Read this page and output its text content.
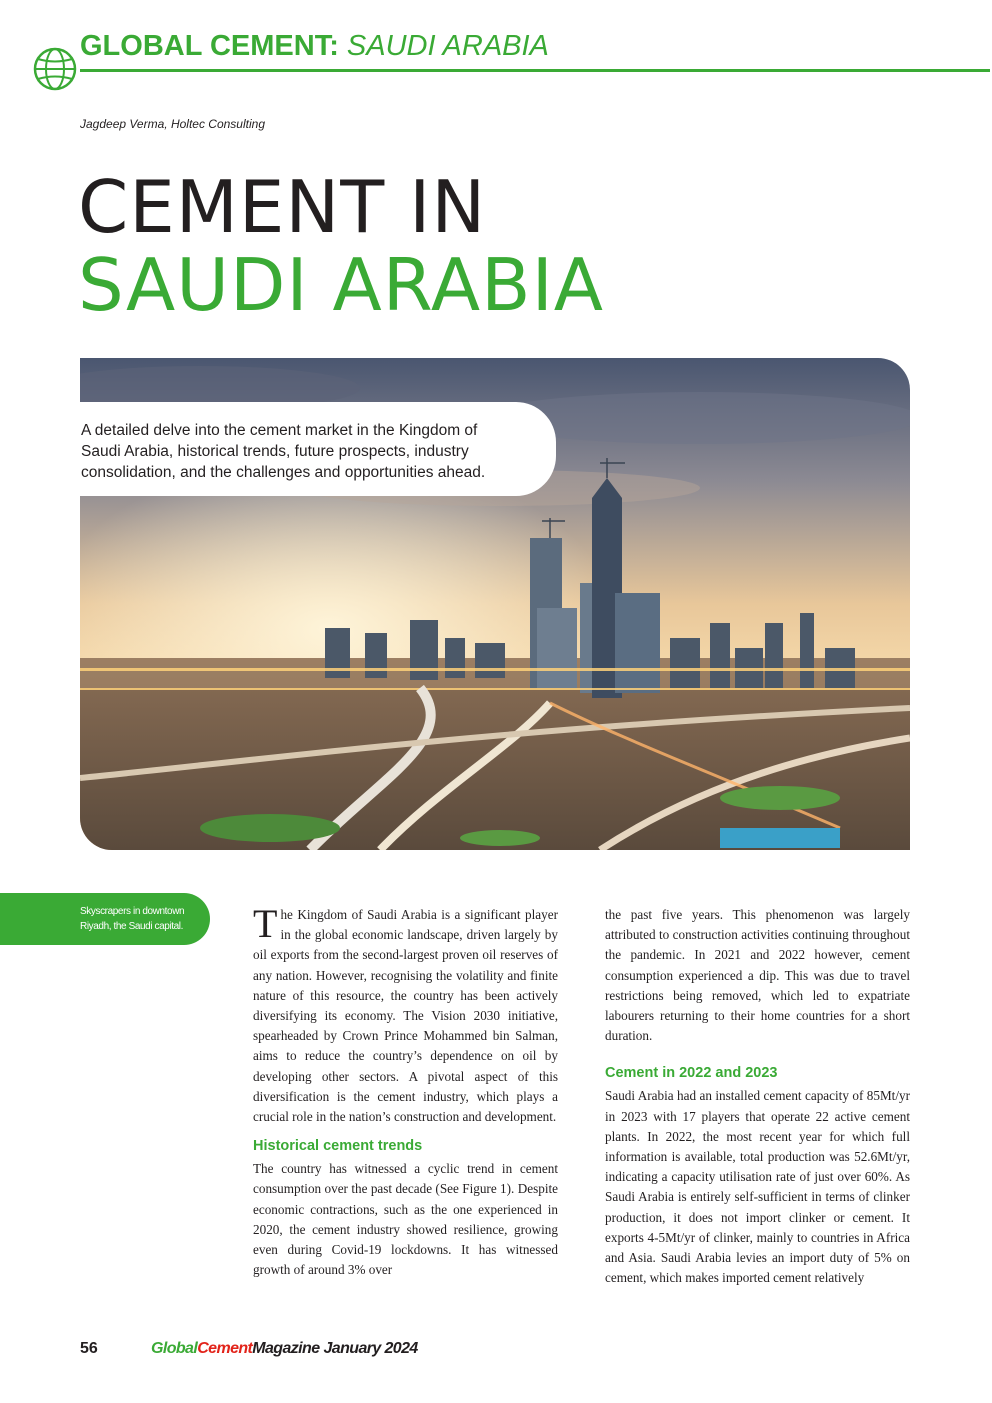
GLOBAL CEMENT: SAUDI ARABIA
Jagdeep Verma, Holtec Consulting
CEMENT IN
SAUDI ARABIA

A detailed delve into the cement market in the Kingdom of Saudi Arabia, historical trends, future prospects, industry consolidation, and the challenges and opportunities ahead.

Skyscrapers in downtown Riyadh, the Saudi capital. The Kingdom of Saudi Arabia is a significant player in the global economic landscape, driven largely by oil exports from the second-largest proven oil reserves of any nation. However, recognising the volatility and finite nature of this resource, the country has been actively diversifying its economy. The Vision 2030 initiative, spearheaded by Crown Prince Mohammed bin Salman, aims to reduce the country’s dependence on oil by developing other sectors. A pivotal aspect of this diversification is the cement industry, which plays a crucial role in the nation’s construction and development.

Historical cement trends

The country has witnessed a cyclic trend in cement consumption over the past decade (See Figure 1). Despite economic contractions, such as the one experienced in 2020, the cement industry showed resilience, growing even during Covid-19 lockdowns. It has witnessed growth of around 3% over

the past five years. This phenomenon was largely attributed to construction activities continuing throughout the pandemic. In 2021 and 2022 however, cement consumption experienced a dip. This was due to travel restrictions being removed, which led to expatriate labourers returning to their home countries for a short duration.

Cement in 2022 and 2023

Saudi Arabia had an installed cement capacity of 85Mt/yr in 2023 with 17 players that operate 22 active cement plants. In 2022, the most recent year for which full information is available, total production was 52.6Mt/yr, indicating a capacity utilisation rate of just over 60%. As Saudi Arabia is entirely self-sufficient in terms of clinker production, it does not import clinker or cement. It exports 4-5Mt/yr of clinker, mainly to countries in Africa and Asia. Saudi Arabia levies an import duty of 5% on cement, which makes imported cement relatively

56	GlobalCementMagazine January 2024
